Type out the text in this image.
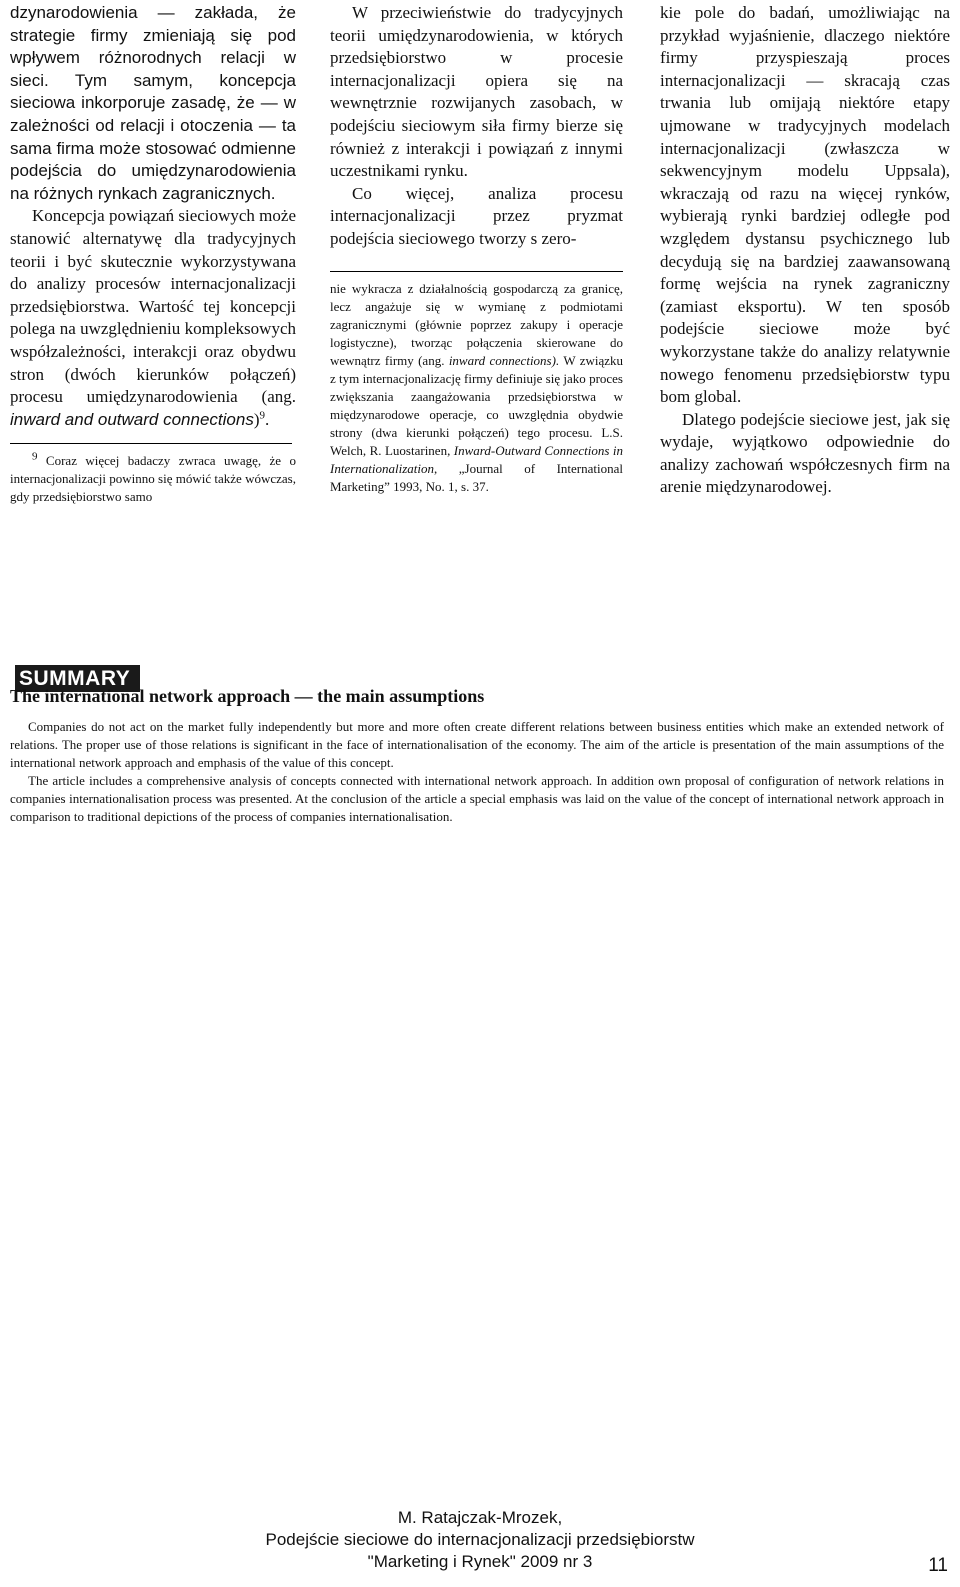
dzynarodowienia — zakłada, że strategie firmy zmieniają się pod wpływem różnorodnych relacji w sieci. Tym samym, koncepcja sieciowa inkorporuje zasadę, że — w zależności od relacji i otoczenia — ta sama firma może stosować odmienne podejścia do umiędzynarodowienia na różnych rynkach zagranicznych.

Koncepcja powiązań sieciowych może stanowić alternatywę dla tradycyjnych teorii i być skutecznie wykorzystywana do analizy procesów internacjonalizacji przedsiębiorstwa. Wartość tej koncepcji polega na uwzględnieniu kompleksowych współzależności, interakcji oraz obydwu stron (dwóch kierunków połączeń) procesu umiędzynarodowienia (ang. inward and outward connections)$^9$.

$^9$ Coraz więcej badaczy zwraca uwagę, że o internacjonalizacji powinno się mówić także wówczas, gdy przedsiębiorstwo samo

W przeciwieństwie do tradycyjnych teorii umiędzynarodowienia, w których przedsiębiorstwo w procesie internacjonalizacji opiera się na wewnętrznie rozwijanych zasobach, w podejściu sieciowym siła firmy bierze się również z interakcji i powiązań z innymi uczestnikami rynku.

Co więcej, analiza procesu internacjonalizacji przez pryzmat podejścia sieciowego tworzy s zero-

nie wykracza z działalnością gospodarczą za granicę, lecz angażuje się w wymianę z podmiotami zagranicznymi (głównie poprzez zakupy i operacje logistyczne), tworząc połączenia skierowane do wewnątrz firmy (ang. inward connections). W związku z tym internacjonalizację firmy definiuje się jako proces zwiększania zaangażowania przedsiębiorstwa w międzynarodowe operacje, co uwzględnia obydwie strony (dwa kierunki połączeń) tego procesu. L.S. Welch, R. Luostarinen, Inward-Outward Connections in Internationalization, „Journal of International Marketing” 1993, No. 1, s. 37.

kie pole do badań, umożliwiając na przykład wyjaśnienie, dlaczego niektóre firmy przyspieszają proces internacjonalizacji — skracają czas trwania lub omijają niektóre etapy ujmowane w tradycyjnych modelach internacjonalizacji (zwłaszcza w sekwencyjnym modelu Uppsala), wkraczają od razu na więcej rynków, wybierają rynki bardziej odległe pod względem dystansu psychicznego lub decydują się na bardziej zaawansowaną formę wejścia na rynek zagraniczny (zamiast eksportu). W ten sposób podejście sieciowe może być wykorzystane także do analizy relatywnie nowego fenomenu przedsiębiorstw typu bom global.

Dlatego podejście sieciowe jest, jak się wydaje, wyjątkowo odpowiednie do analizy zachowań współczesnych firm na arenie międzynarodowej.

SUMMARY
The international network approach — the main assumptions

Companies do not act on the market fully independently but more and more often create different relations between business entities which make an extended network of relations. The proper use of those relations is significant in the face of internationalisation of the economy. The aim of the article is presentation of the main assumptions of the international network approach and emphasis of the value of this concept.

The article includes a comprehensive analysis of concepts connected with international network approach. In addition own proposal of configuration of network relations in companies internationalisation process was presented. At the conclusion of the article a special emphasis was laid on the value of the concept of international network approach in comparison to traditional depictions of the process of companies internationalisation.

M. Ratajczak-Mrozek,
Podejście sieciowe do internacjonalizacji przedsiębiorstw
"Marketing i Rynek" 2009 nr 3	11
